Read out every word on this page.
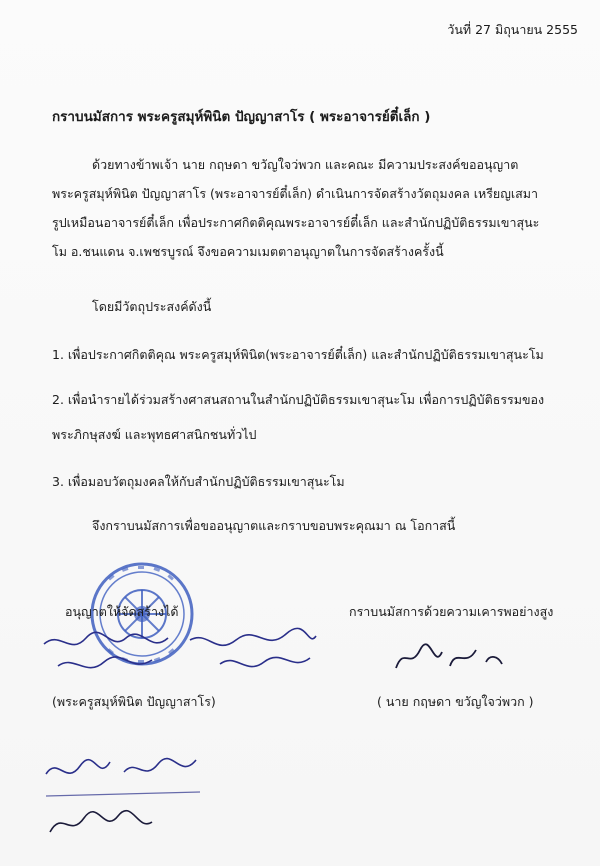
วันที่ 27 มิถุนายน 2555
กราบนมัสการ พระครูสมุห์พินิต ปัญญาสาโร ( พระอาจารย์ตี๋เล็ก )
ด้วยทางข้าพเจ้า นาย กฤษดา ขวัญใจว่พวก และคณะ มีความประสงค์ขออนุญาต
พระครูสมุห์พินิต ปัญญาสาโร (พระอาจารย์ตี๋เล็ก) ดำเนินการจัดสร้างวัตถุมงคล เหรียญเสมา
รูปเหมือนอาจารย์ตี๋เล็ก เพื่อประกาศกิตติคุณพระอาจารย์ตี๋เล็ก และสำนักปฏิบัติธรรมเขาสุนะ
โม อ.ชนแดน จ.เพชรบูรณ์ จึงขอความเมตตาอนุญาตในการจัดสร้างครั้งนี้
โดยมีวัตถุประสงค์ดังนี้
1. เพื่อประกาศกิตติคุณ พระครูสมุห์พินิต(พระอาจารย์ตี๋เล็ก) และสำนักปฏิบัติธรรมเขาสุนะโม
2. เพื่อนำรายได้ร่วมสร้างศาสนสถานในสำนักปฏิบัติธรรมเขาสุนะโม เพื่อการปฏิบัติธรรมของ
พระภิกษุสงฆ์ และพุทธศาสนิกชนทั่วไป
3. เพื่อมอบวัตถุมงคลให้กับสำนักปฏิบัติธรรมเขาสุนะโม
จึงกราบนมัสการเพื่อขออนุญาตและกราบขอบพระคุณมา ณ โอกาสนี้
อนุญาตให้จัดสร้างได้	กราบนมัสการด้วยความเคารพอย่างสูง
(พระครูสมุห์พินิต ปัญญาสาโร)	( นาย กฤษดา ขวัญใจว่พวก )
